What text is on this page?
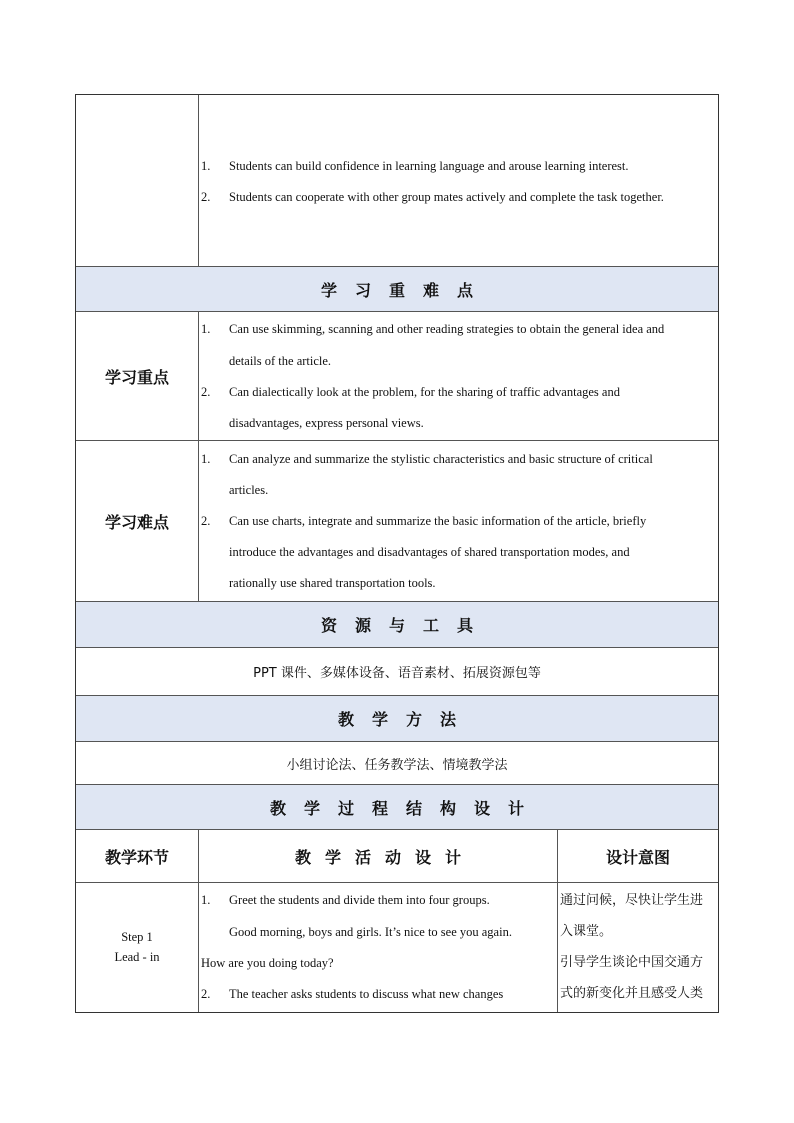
1. Students can build confidence in learning language and arouse learning interest.
2. Students can cooperate with other group mates actively and complete the task together.
学习重难点
学习重点
1. Can use skimming, scanning and other reading strategies to obtain the general idea and
details of the article.
2. Can dialectically look at the problem, for the sharing of traffic advantages and
disadvantages, express personal views.
学习难点
1. Can analyze and summarize the stylistic characteristics and basic structure of critical
articles.
2. Can use charts, integrate and summarize the basic information of the article, briefly
introduce the advantages and disadvantages of shared transportation modes, and
rationally use shared transportation tools.
资源与工具
PPT 课件、多媒体设备、语音素材、拓展资源包等
教学方法
小组讨论法、任务教学法、情境教学法
教学过程结构设计
教学环节	教学活动设计	设计意图
Step 1
Lead - in
1. Greet the students and divide them into four groups.
Good morning, boys and girls. It’s nice to see you again.
How are you doing today?
2. The teacher asks students to discuss what new changes
通过问候，尽快让学生进
入课堂。
引导学生谈论中国交通方
式的新变化并且感受人类
